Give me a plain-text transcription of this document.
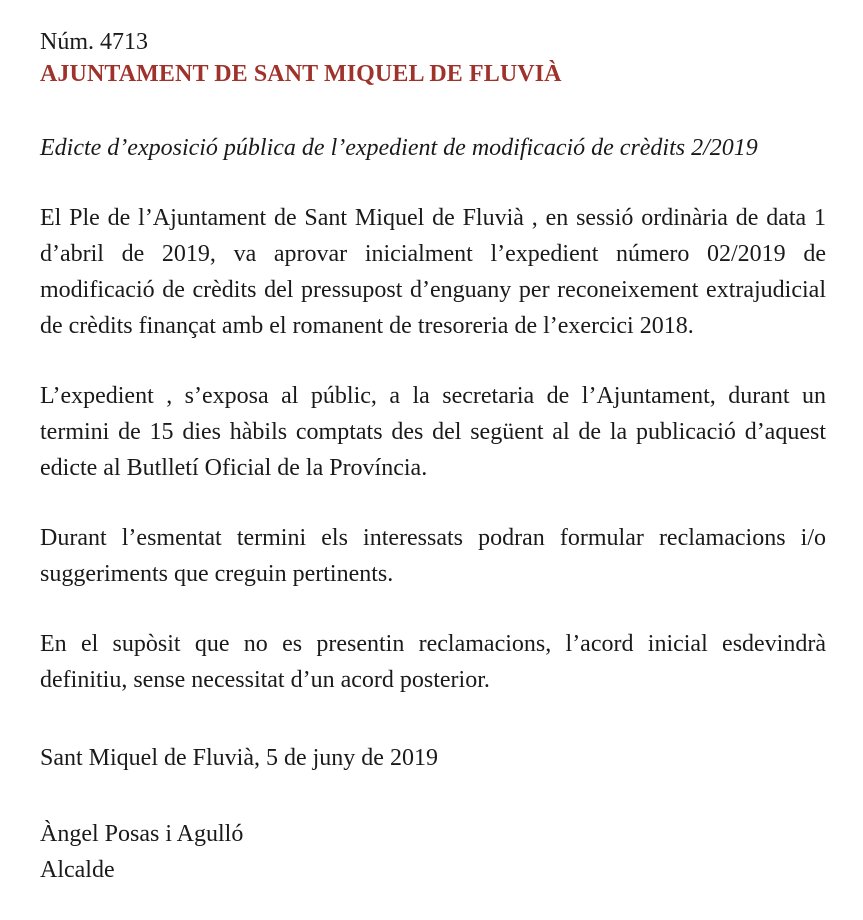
Núm. 4713

AJUNTAMENT DE SANT MIQUEL DE FLUVIÀ

Edicte d’exposició pública de l’expedient de modificació de crèdits 2/2019

El Ple de l’Ajuntament de Sant Miquel de Fluvià , en sessió ordinària de data 1 d’abril de 2019, va aprovar inicialment l’expedient número 02/2019 de modificació de crèdits del pressupost d’enguany per reconeixement extrajudicial de crèdits finançat amb el romanent de tresoreria de l’exercici 2018.

L’expedient , s’exposa al públic, a la secretaria de l’Ajuntament, durant un termini de 15 dies hàbils comptats des del següent al de la publicació d’aquest edicte al Butlletí Oficial de la Província.

Durant l’esmentat termini els interessats podran formular reclamacions i/o suggeriments que creguin pertinents.

En el supòsit que no es presentin reclamacions, l’acord inicial esdevindrà definitiu, sense necessitat d’un acord posterior.

Sant Miquel de Fluvià, 5 de juny de 2019

Àngel Posas i Agulló

Alcalde
